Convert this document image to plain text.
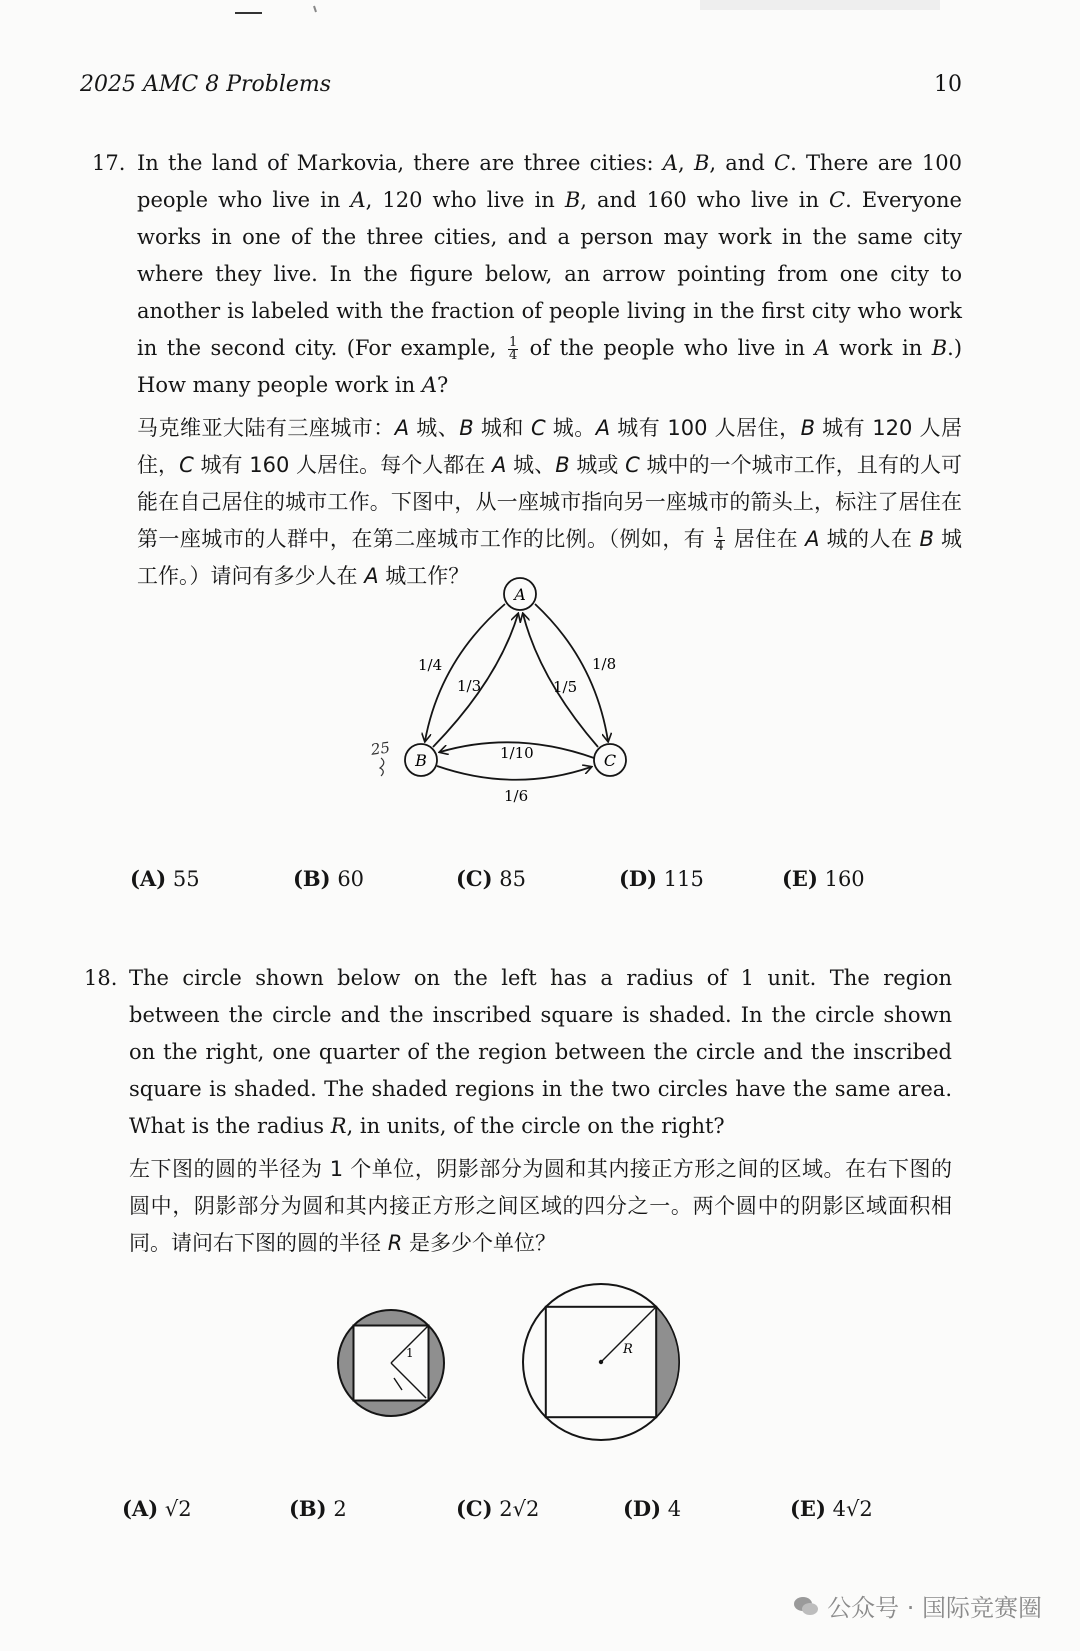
2025 AMC 8 Problems	10
17. In the land of Markovia, there are three cities: A, B, and C. There are 100 people who live in A, 120 who live in B, and 160 who live in C. Everyone works in one of the three cities, and a person may work in the same city where they live. In the figure below, an arrow pointing from one city to another is labeled with the fraction of people living in the first city who work in the second city. (For example, $\frac{1}{4}$ of the people who live in A work in B.) How many people work in A?
马克维亚大陆有三座城市：A 城、B 城和 C 城。A 城有 100 人居住，B 城有 120 人居住，C 城有 160 人居住。每个人都在 A 城、B 城或 C 城中的一个城市工作，且有的人可能在自己居住的城市工作。下图中，从一座城市指向另一座城市的箭头上，标注了居住在第一座城市的人群中，在第二座城市工作的比例。（例如，有 $\frac{1}{4}$ 居住在 A 城的人在 B 城工作。）请问有多少人在 A 城工作？
A
B	C
1/4
1/3	1/5
1/8
1/10
1/6
25
(A) 55	(B) 60	(C) 85	(D) 115	(E) 160
18. The circle shown below on the left has a radius of 1 unit. The region between the circle and the inscribed square is shaded. In the circle shown on the right, one quarter of the region between the circle and the inscribed square is shaded. The shaded regions in the two circles have the same area. What is the radius R, in units, of the circle on the right?
左下图的圆的半径为 1 个单位，阴影部分为圆和其内接正方形之间的区域。在右下图的圆中，阴影部分为圆和其内接正方形之间区域的四分之一。两个圆中的阴影区域面积相同。请问右下图的圆的半径 R 是多少个单位？
1	R
(A) √2	(B) 2	(C) 2√2	(D) 4	(E) 4√2
公众号 · 国际竞赛圈
